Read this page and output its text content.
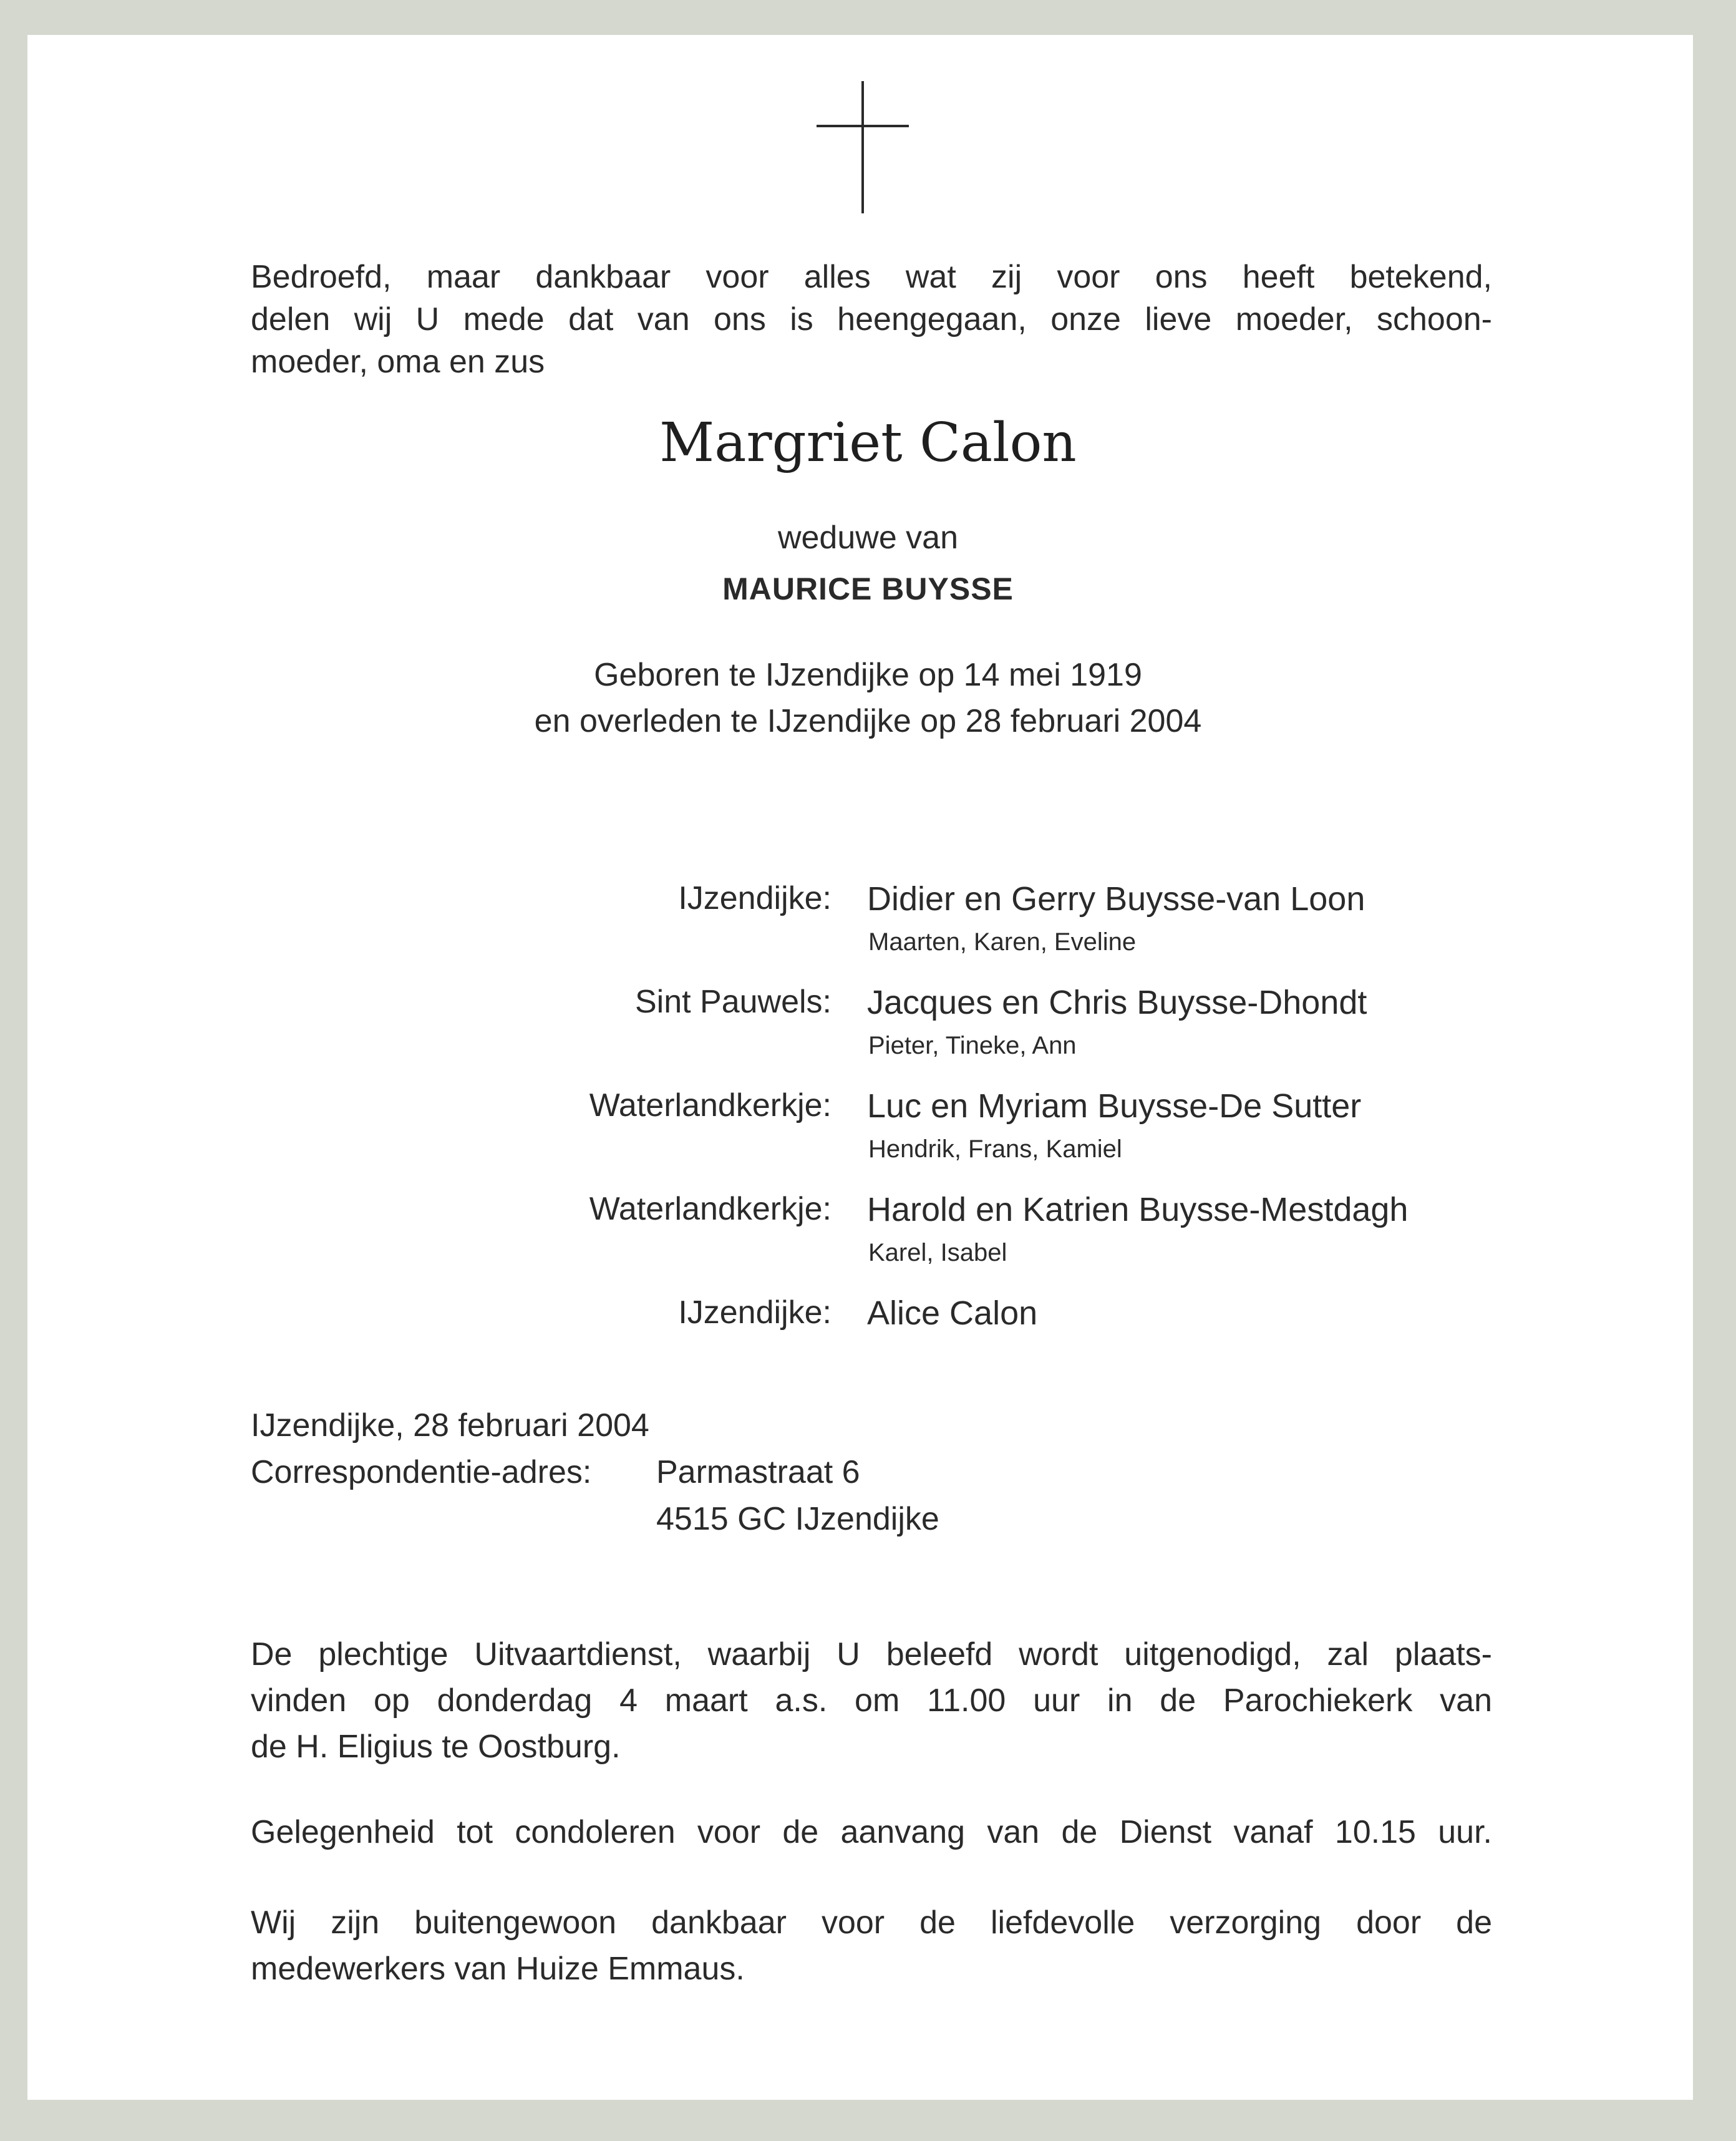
Bedroefd, maar dankbaar voor alles wat zij voor ons heeft betekend,
delen wij U mede dat van ons is heengegaan, onze lieve moeder, schoon-
moeder, oma en zus
Margriet Calon
weduwe van
MAURICE BUYSSE
Geboren te IJzendijke op 14 mei 1919
en overleden te IJzendijke op 28 februari 2004
IJzendijke: Didier en Gerry Buysse-van Loon
Maarten, Karen, Eveline
Sint Pauwels: Jacques en Chris Buysse-Dhondt
Pieter, Tineke, Ann
Waterlandkerkje: Luc en Myriam Buysse-De Sutter
Hendrik, Frans, Kamiel
Waterlandkerkje: Harold en Katrien Buysse-Mestdagh
Karel, Isabel
IJzendijke: Alice Calon
IJzendijke, 28 februari 2004
Correspondentie-adres: Parmastraat 6
4515 GC IJzendijke
De plechtige Uitvaartdienst, waarbij U beleefd wordt uitgenodigd, zal plaats-
vinden op donderdag 4 maart a.s. om 11.00 uur in de Parochiekerk van
de H. Eligius te Oostburg.
Gelegenheid tot condoleren voor de aanvang van de Dienst vanaf 10.15 uur.
Wij zijn buitengewoon dankbaar voor de liefdevolle verzorging door de
medewerkers van Huize Emmaus.
